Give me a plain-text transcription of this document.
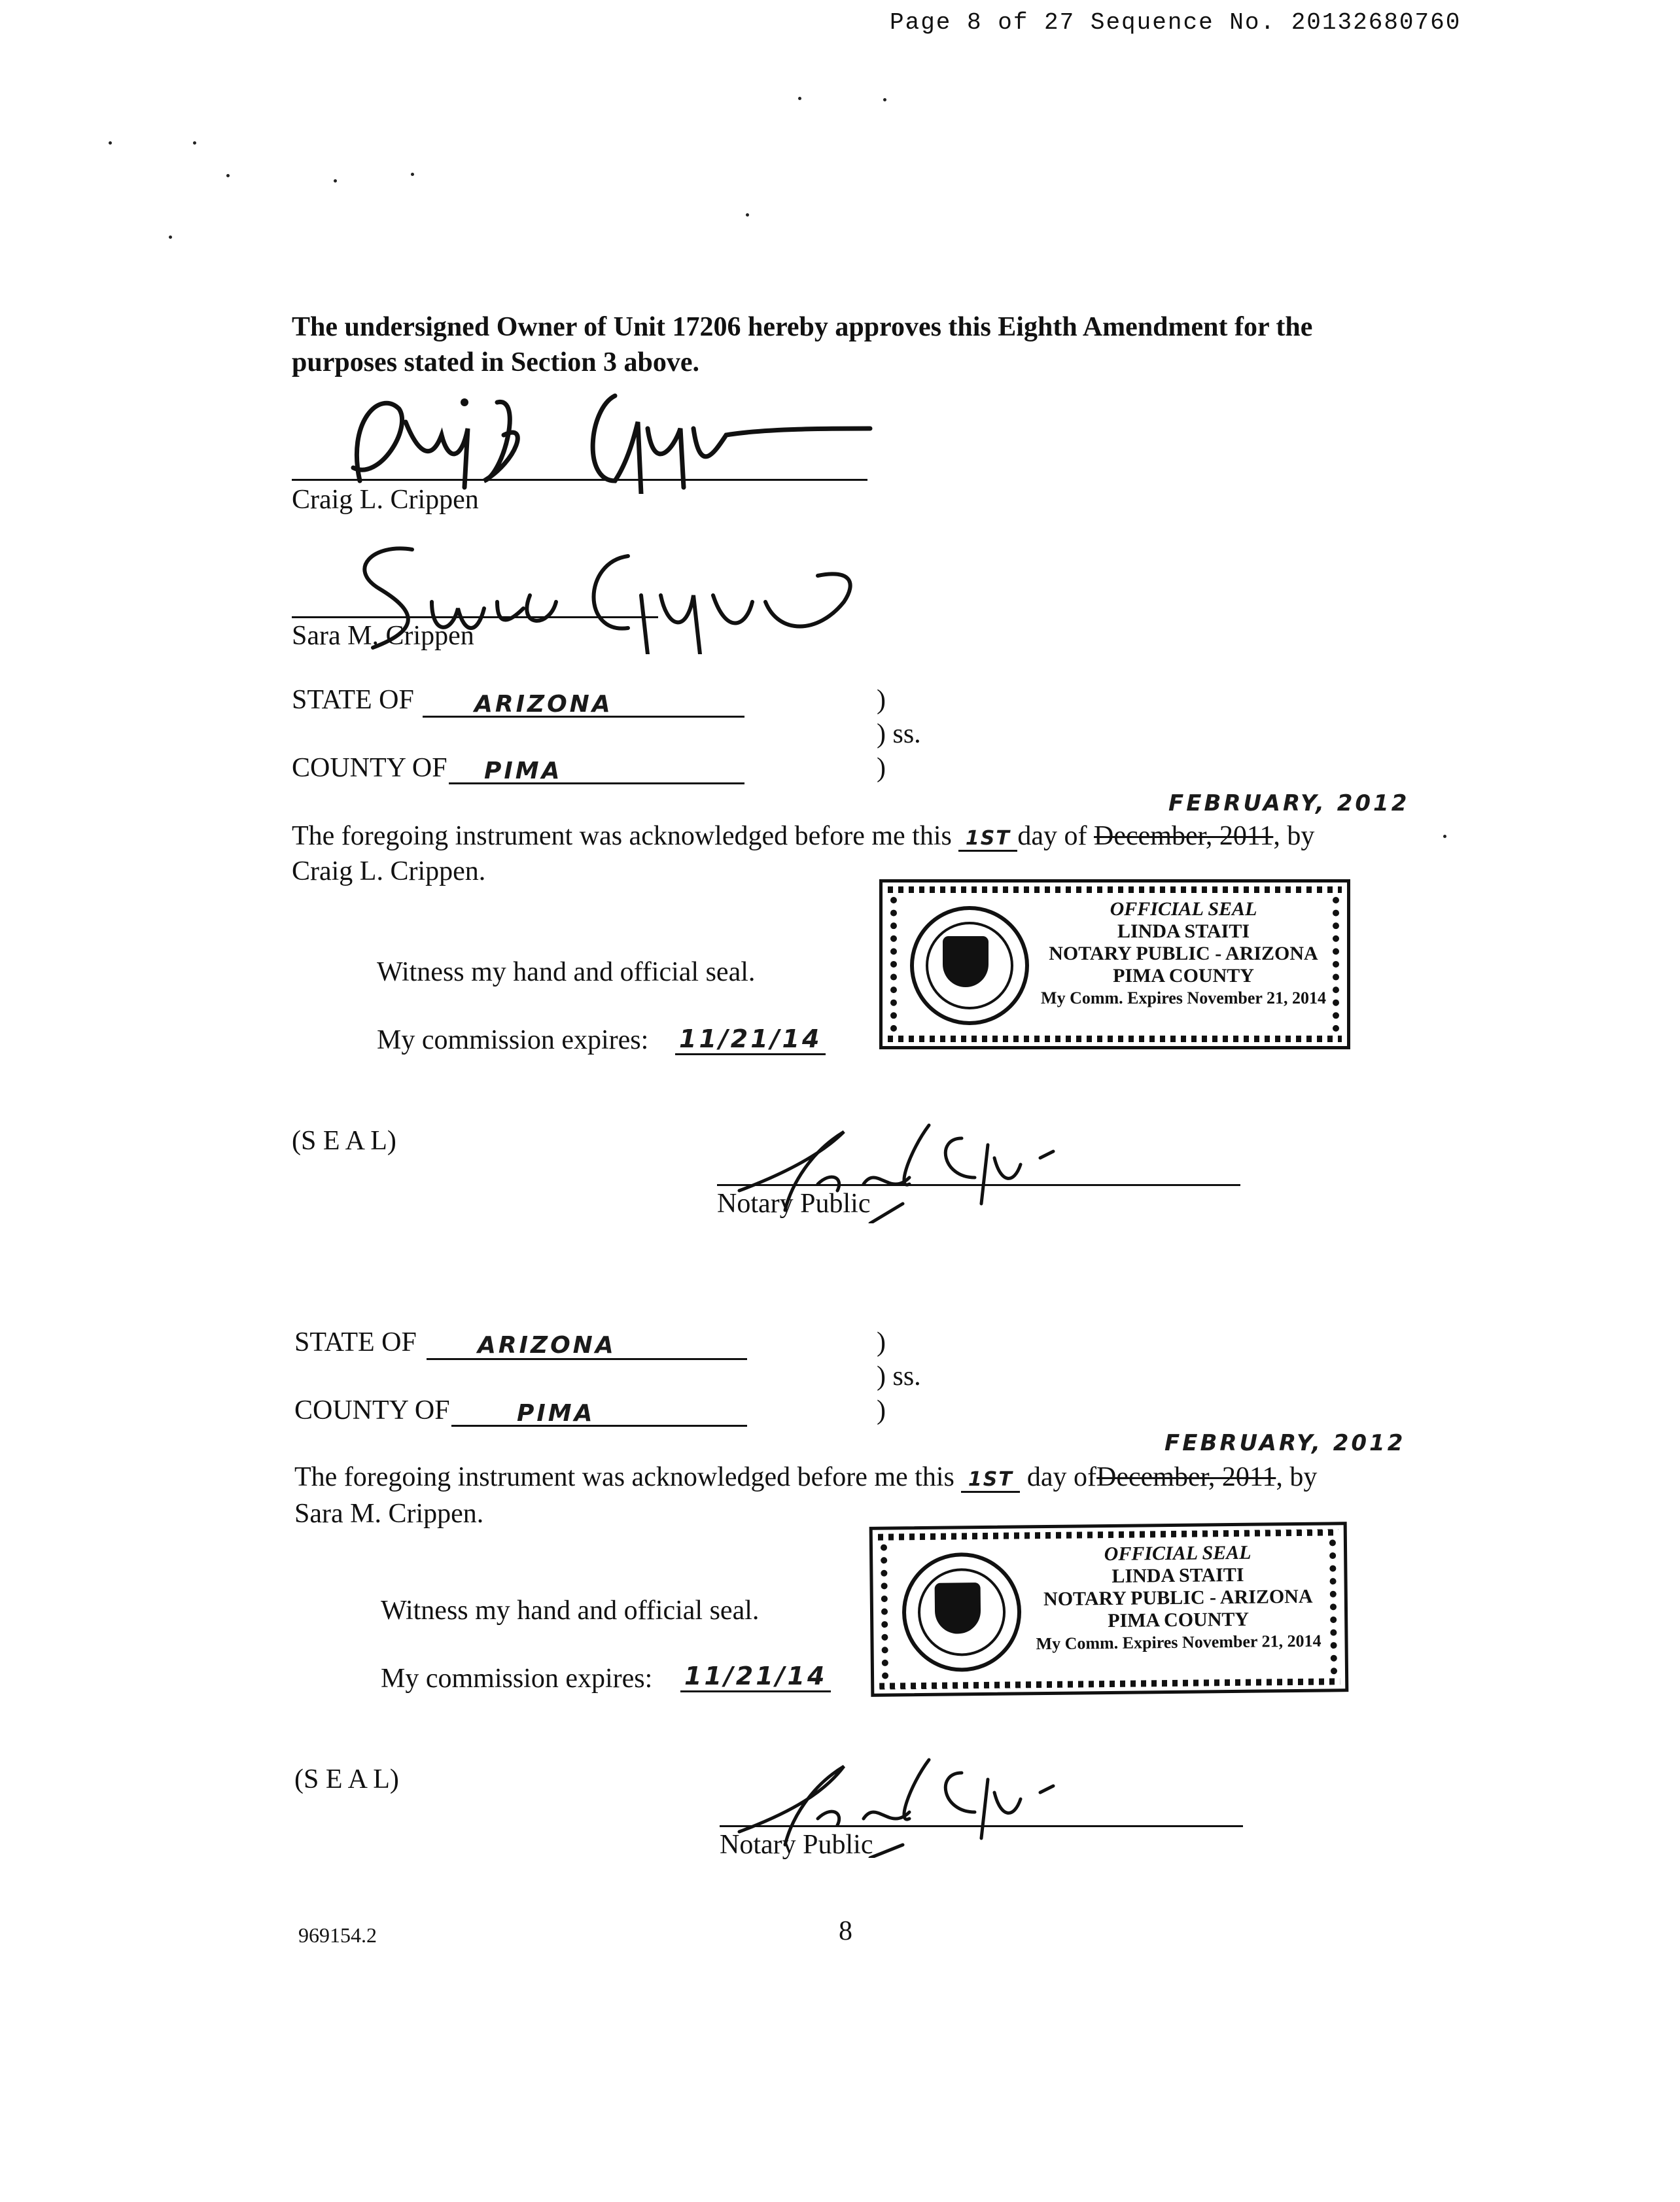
Page 8 of 27 Sequence No. 20132680760
The undersigned Owner of Unit 17206 hereby approves this Eighth Amendment for the
purposes stated in Section 3 above.
Craig L. Crippen
Sara M. Crippen
STATE OF	ARIZONA	)
) ss.
COUNTY OF PIMA	)
FEBRUARY, 2012
The foregoing instrument was acknowledged before me this 1ST day of December, 2011, by
Craig L. Crippen.
OFFICIAL SEAL
LINDA STAITI
NOTARY PUBLIC - ARIZONA
PIMA COUNTY
My Comm. Expires November 21, 2014
Witness my hand and official seal.
My commission expires: 11/21/14
(S E A L)
Notary Public
STATE OF	ARIZONA	)
) ss.
COUNTY OF	PIMA	)
FEBRUARY, 2012
The foregoing instrument was acknowledged before me this 1ST day ofDecember, 2011, by
Sara M. Crippen.
OFFICIAL SEAL
LINDA STAITI
NOTARY PUBLIC - ARIZONA
PIMA COUNTY
My Comm. Expires November 21, 2014
Witness my hand and official seal.
My commission expires: 11/21/14
(S E A L)
Notary Public
969154.2	8
